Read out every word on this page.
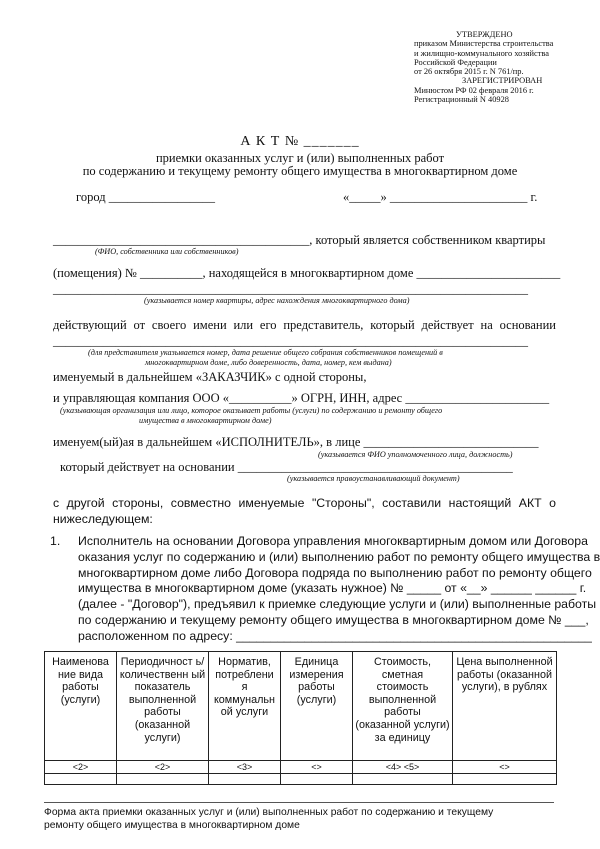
УТВЕРЖДЕНО
приказом Министерства строительства
и жилищно-коммунального хозяйства
Российской Федерации
от 26 октября 2015 г. N 761/пр.
ЗАРЕГИСТРИРОВАН
Минюстом РФ 02 февраля 2016 г.
Регистрационный N 40928
А К Т № _______
приемки оказанных услуг и (или) выполненных работ
по содержанию и текущему ремонту общего имущества в многоквартирном доме
город _________________	«_____» ______________________ г.
_________________________________________, который является собственником квартиры
(ФИО, собственника или собственников)
(помещения) № __________, находящейся в многоквартирном доме _______________________
____________________________________________________________________________
(указывается номер квартиры, адрес нахождения многоквартирного дома)
действующий от своего имени или его представитель, который действует на основании
____________________________________________________________________________
(для представителя указывается номер, дата решение общего собрания собственников помещений в
многоквартирном доме, либо доверенность, дата, номер, кем выдана)
именуемый в дальнейшем «ЗАКАЗЧИК» с одной стороны,
и управляющая компания ООО «__________» ОГРН, ИНН, адрес _______________________
(указывающая организация или лицо, которое оказывает работы (услуги) по содержанию и ремонту общего
имущества в многоквартирном доме)
именуем(ый)ая в дальнейшем «ИСПОЛНИТЕЛЬ», в лице ____________________________
(указывается ФИО уполномоченного лица, должность)
который действует на основании ____________________________________________
(указывается правоустанавливающий документ)
с другой стороны, совместно именуемые "Стороны", составили настоящий АКТ о
нижеследующем:
1. Исполнитель на основании Договора управления многоквартирным домом или Договора
оказания услуг по содержанию и (или) выполнению работ по ремонту общего имущества в
многоквартирном доме либо Договора подряда по выполнению работ по ремонту общего
имущества в многоквартирном доме (указать нужное) № _____ от «__» ______ ______ г.
(далее - "Договор"), предъявил к приемке следующие услуги и (или) выполненные работы
по содержанию и текущему ремонту общего имущества в многоквартирном доме № ___,
расположенном по адресу: ____________________________________________________
Наименова ние вида работы (услуги)	Периодичност ь/ количественн ый показатель выполненной работы (оказанной услуги)	Норматив, потреблени я коммунальн ой услуги	Единица измерения работы (услуги)	Стоимость, сметная стоимость выполненной работы (оказанной услуги) за единицу	Цена выполненной работы (оказанной услуги), в рублях
<2>	<2>	<3>	<>	<4> <5>	<>

Форма акта приемки оказанных услуг и (или) выполненных работ по содержанию и текущему
ремонту общего имущества в многоквартирном доме
